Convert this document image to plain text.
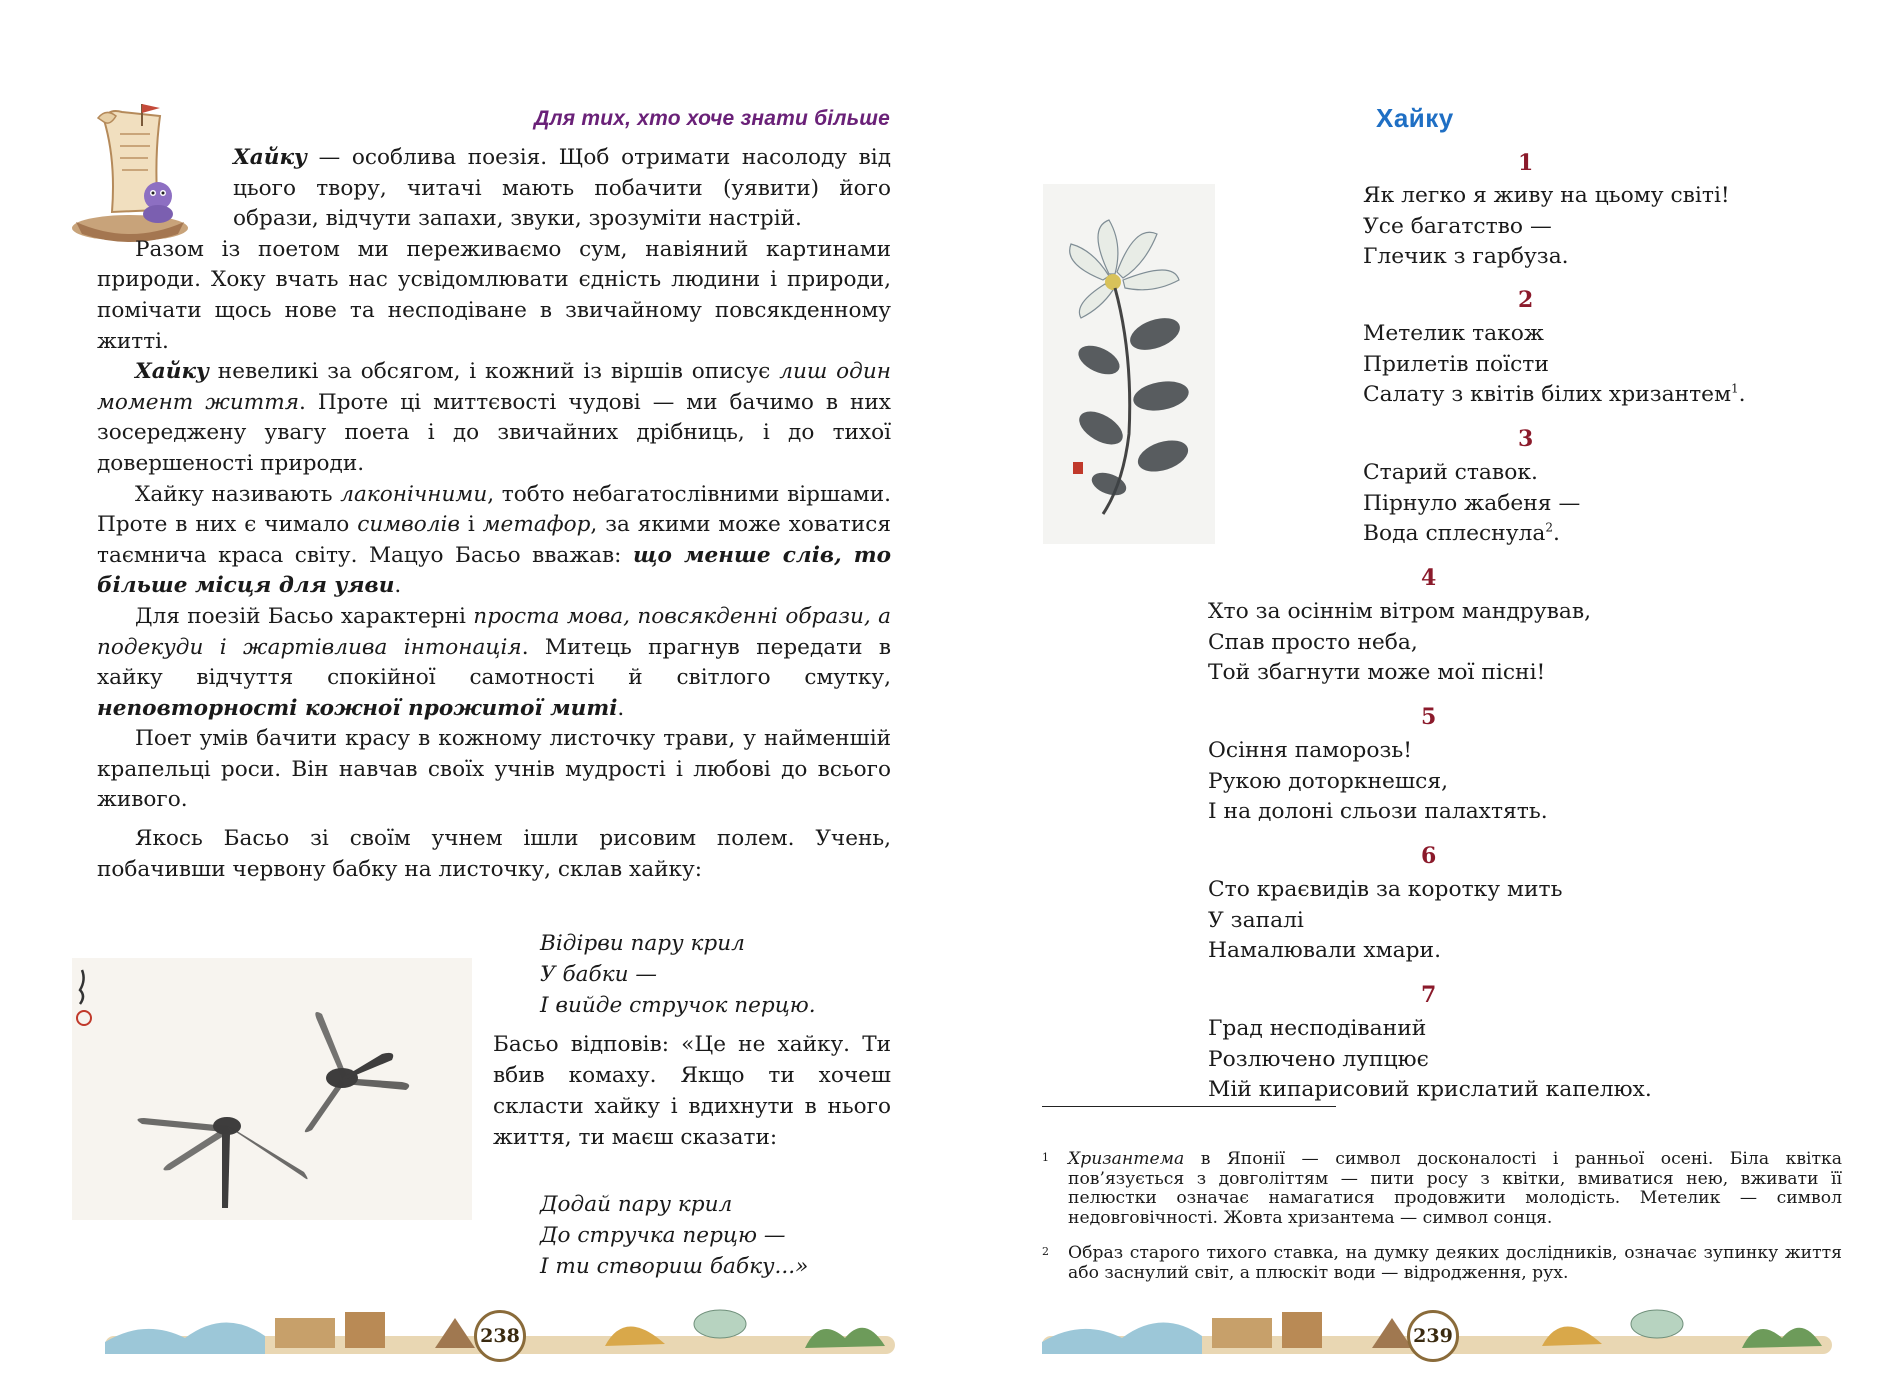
Для тих, хто хоче знати більше

Хайку — особлива поезія. Щоб отримати насолоду від цього твору, читачі мають побачити (уявити) його образи, відчути запахи, звуки, зрозуміти настрій.

Разом із поетом ми переживаємо сум, навіяний картинами природи. Хоку вчать нас усвідомлювати єдність людини і природи, помічати щось нове та несподіване в звичайному повсякденному житті.

Хайку невеликі за обсягом, і кожний із віршів описує лиш один момент життя. Проте ці миттєвості чудові — ми бачимо в них зосереджену увагу поета і до звичайних дрібниць, і до тихої довершеності природи.

Хайку називають лаконічними, тобто небагатослівними віршами. Проте в них є чимало символів і метафор, за якими може ховатися таємнича краса світу. Мацуо Басьо вважав: що менше слів, то більше місця для уяви.

Для поезій Басьо характерні проста мова, повсякденні образи, а подекуди і жартівлива інтонація. Митець прагнув передати в хайку відчуття спокійної самотності й світлого смутку, неповторності кожної прожитої миті.

Поет умів бачити красу в кожному листочку трави, у найменшій крапельці роси. Він навчав своїх учнів мудрості і любові до всього живого.

Якось Басьо зі своїм учнем ішли рисовим полем. Учень, побачивши червону бабку на листочку, склав хайку:

Відірви пару крил
У бабки —
І вийде стручок перцю.

Басьо відповів: «Це не хайку. Ти вбив комаху. Якщо ти хочеш скласти хайку і вдихнути в нього життя, ти маєш сказати:

Додай пару крил
До стручка перцю —
І ти створиш бабку...»
238
Хайку
1
Як легко я живу на цьому світі!
Усе багатство —
Глечик з гарбуза.
2
Метелик також
Прилетів поїсти
Салату з квітів білих хризантем$^1$.
3
Старий ставок.
Пірнуло жабеня —
Вода сплеснула$^2$.
4
Хто за осіннім вітром мандрував,
Спав просто неба,
Той збагнути може мої пісні!
5
Осіння паморозь!
Рукою доторкнешся,
І на долоні сльози палахтять.
6
Сто краєвидів за коротку мить
У запалі
Намалювали хмари.
7
Град несподіваний
Розлючено лупцює
Мій кипарисовий крислатий капелюх.
1 Хризантема в Японії — символ досконалості і ранньої осені. Біла квітка пов’язується з довголіттям — пити росу з квітки, вмиватися нею, вживати її пелюстки означає намагатися продовжити молодість. Метелик — символ недовговічності. Жовта хризантема — символ сонця.
2 Образ старого тихого ставка, на думку деяких дослідників, означає зупинку життя або заснулий світ, а плюскіт води — відродження, рух.
239
